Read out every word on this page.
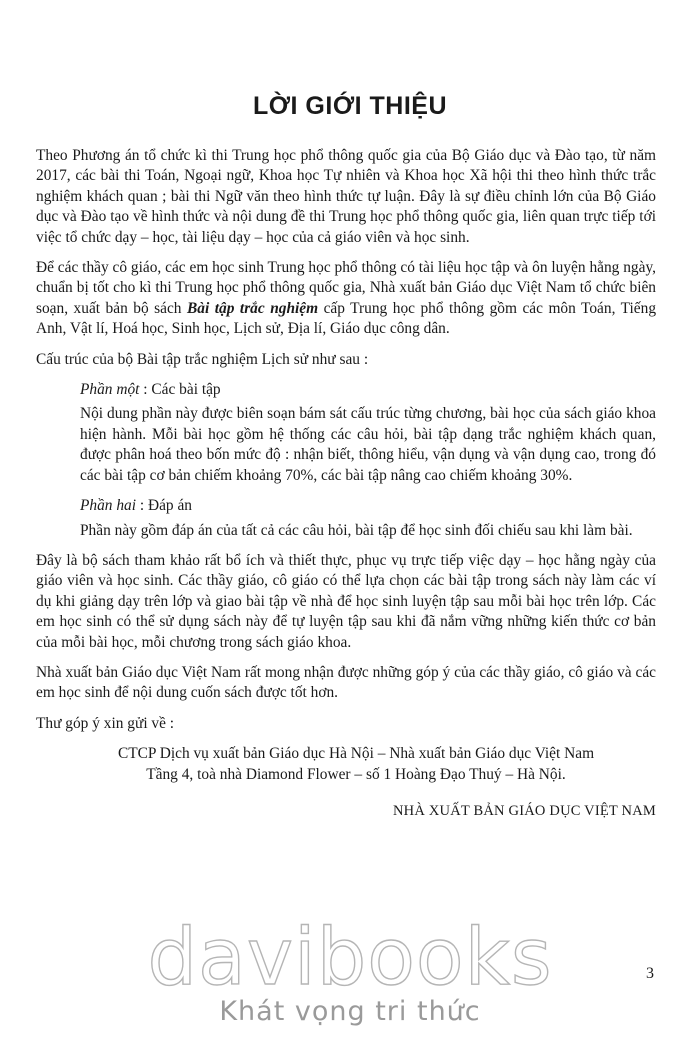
LỜI GIỚI THIỆU

Theo Phương án tổ chức kì thi Trung học phổ thông quốc gia của Bộ Giáo dục và Đào tạo, từ năm 2017, các bài thi Toán, Ngoại ngữ, Khoa học Tự nhiên và Khoa học Xã hội thi theo hình thức trắc nghiệm khách quan ; bài thi Ngữ văn theo hình thức tự luận. Đây là sự điều chỉnh lớn của Bộ Giáo dục và Đào tạo về hình thức và nội dung đề thi Trung học phổ thông quốc gia, liên quan trực tiếp tới việc tổ chức dạy – học, tài liệu dạy – học của cả giáo viên và học sinh.

Để các thầy cô giáo, các em học sinh Trung học phổ thông có tài liệu học tập và ôn luyện hằng ngày, chuẩn bị tốt cho kì thi Trung học phổ thông quốc gia, Nhà xuất bản Giáo dục Việt Nam tổ chức biên soạn, xuất bản bộ sách Bài tập trắc nghiệm cấp Trung học phổ thông gồm các môn Toán, Tiếng Anh, Vật lí, Hoá học, Sinh học, Lịch sử, Địa lí, Giáo dục công dân.

Cấu trúc của bộ Bài tập trắc nghiệm Lịch sử như sau :

Phần một : Các bài tập

Nội dung phần này được biên soạn bám sát cấu trúc từng chương, bài học của sách giáo khoa hiện hành. Mỗi bài học gồm hệ thống các câu hỏi, bài tập dạng trắc nghiệm khách quan, được phân hoá theo bốn mức độ : nhận biết, thông hiểu, vận dụng và vận dụng cao, trong đó các bài tập cơ bản chiếm khoảng 70%, các bài tập nâng cao chiếm khoảng 30%.

Phần hai : Đáp án

Phần này gồm đáp án của tất cả các câu hỏi, bài tập để học sinh đối chiếu sau khi làm bài.

Đây là bộ sách tham khảo rất bổ ích và thiết thực, phục vụ trực tiếp việc dạy – học hằng ngày của giáo viên và học sinh. Các thầy giáo, cô giáo có thể lựa chọn các bài tập trong sách này làm các ví dụ khi giảng dạy trên lớp và giao bài tập về nhà để học sinh luyện tập sau mỗi bài học trên lớp. Các em học sinh có thể sử dụng sách này để tự luyện tập sau khi đã nắm vững những kiến thức cơ bản của mỗi bài học, mỗi chương trong sách giáo khoa.

Nhà xuất bản Giáo dục Việt Nam rất mong nhận được những góp ý của các thầy giáo, cô giáo và các em học sinh để nội dung cuốn sách được tốt hơn.

Thư góp ý xin gửi về :

CTCP Dịch vụ xuất bản Giáo dục Hà Nội – Nhà xuất bản Giáo dục Việt Nam
Tầng 4, toà nhà Diamond Flower – số 1 Hoàng Đạo Thuý – Hà Nội.

NHÀ XUẤT BẢN GIÁO DỤC VIỆT NAM

3
davibooks
Khát vọng tri thức
